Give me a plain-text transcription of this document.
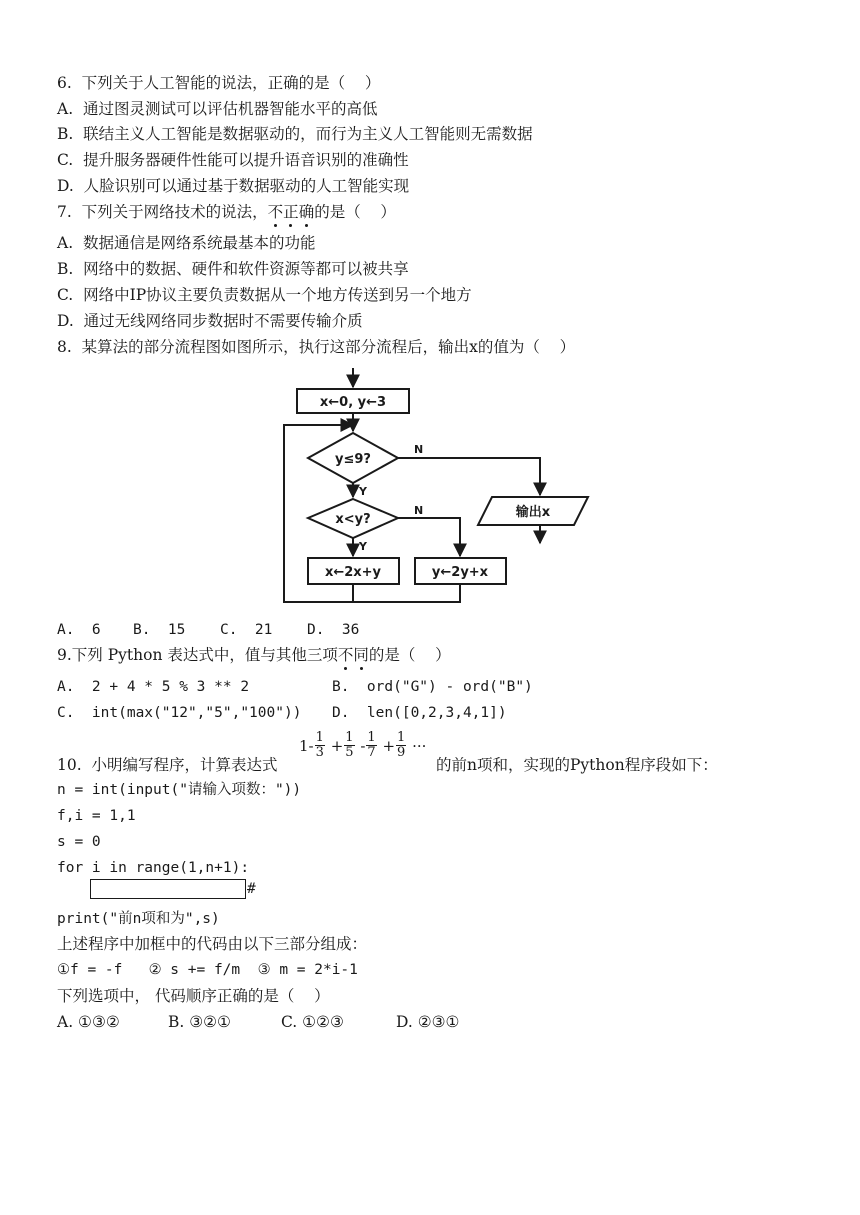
6.  下列关于人工智能的说法，正确的是（    ）
A.  通过图灵测试可以评估机器智能水平的高低
B.  联结主义人工智能是数据驱动的，而行为主义人工智能则无需数据
C.  提升服务器硬件性能可以提升语音识别的准确性
D.  人脸识别可以通过基于数据驱动的人工智能实现
7.  下列关于网络技术的说法，不正确的是（    ）
A.  数据通信是网络系统最基本的功能
B.  网络中的数据、硬件和软件资源等都可以被共享
C.  网络中IP协议主要负责数据从一个地方传送到另一个地方
D.  通过无线网络同步数据时不需要传输介质
8.  某算法的部分流程图如图所示，执行这部分流程后，输出x的值为（    ）
x←0, y←3
y≤9?
x<y?
x←2x+y	y←2y+x
输出x
N
Y
N
Y
A.  6 B.  15 C.  21 D.  36
9.下列 Python 表达式中，值与其他三项不同的是（    ）
A.  2 + 4 * 5 % 3 ** 2	B.  ord("G") - ord("B")
C.  int(max("12","5","100")) D.  len([0,2,3,4,1])
10.  小明编写程序，计算表达式
$1- \frac{1}{3} + \frac{1}{5} - \frac{1}{7} + \frac{1}{9}$ ···
的前n项和，实现的Python程序段如下：
n = int(input("请输入项数："))
f,i = 1,1
s = 0
for i in range(1,n+1):
#
print("前n项和为",s)
上述程序中加框中的代码由以下三部分组成：
①f = -f   ② s += f/m  ③ m = 2*i-1
下列选项中， 代码顺序正确的是（    ）
A. ①③②	B. ③②①	C. ①②③	D. ②③①
